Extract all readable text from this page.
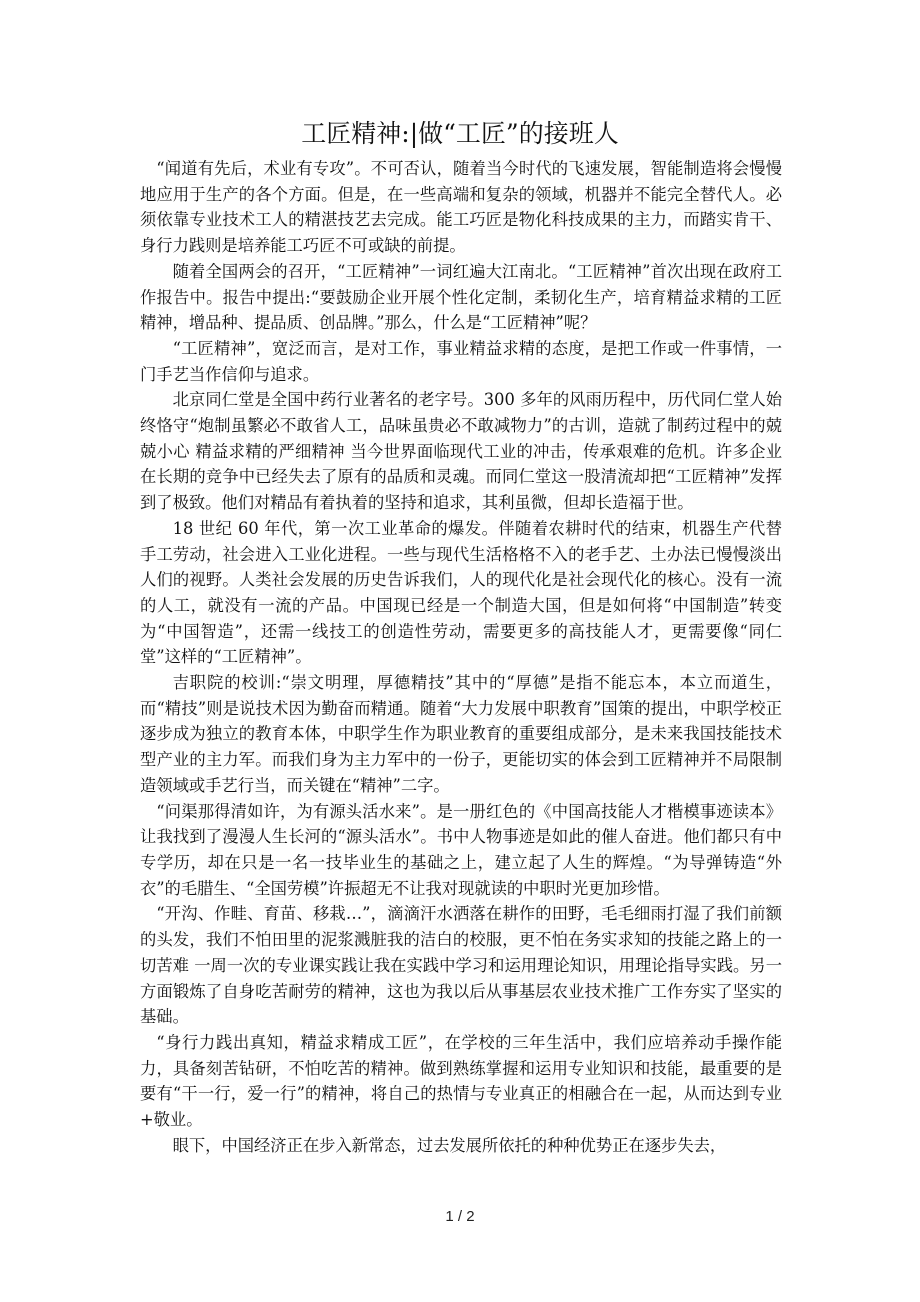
工匠精神:|做“工匠”的接班人

“闻道有先后，术业有专攻”。不可否认，随着当今时代的飞速发展，智能制造将会慢慢地应用于生产的各个方面。但是，在一些高端和复杂的领域，机器并不能完全替代人。必须依靠专业技术工人的精湛技艺去完成。能工巧匠是物化科技成果的主力，而踏实肯干、身行力践则是培养能工巧匠不可或缺的前提。

随着全国两会的召开，“工匠精神”一词红遍大江南北。“工匠精神”首次出现在政府工作报告中。报告中提出:“要鼓励企业开展个性化定制，柔韧化生产，培育精益求精的工匠精神，增品种、提品质、创品牌。”那么，什么是“工匠精神”呢？

“工匠精神”，宽泛而言，是对工作，事业精益求精的态度，是把工作或一件事情，一门手艺当作信仰与追求。

北京同仁堂是全国中药行业著名的老字号。300 多年的风雨历程中，历代同仁堂人始终恪守“炮制虽繁必不敢省人工，品味虽贵必不敢减物力”的古训，造就了制药过程中的兢兢小心 精益求精的严细精神 当今世界面临现代工业的冲击，传承艰难的危机。许多企业在长期的竞争中已经失去了原有的品质和灵魂。而同仁堂这一股清流却把“工匠精神”发挥到了极致。他们对精品有着执着的坚持和追求，其利虽微，但却长造福于世。

18 世纪 60 年代，第一次工业革命的爆发。伴随着农耕时代的结束，机器生产代替手工劳动，社会进入工业化进程。一些与现代生活格格不入的老手艺、土办法已慢慢淡出人们的视野。人类社会发展的历史告诉我们，人的现代化是社会现代化的核心。没有一流的人工，就没有一流的产品。中国现已经是一个制造大国，但是如何将“中国制造”转变为“中国智造”，还需一线技工的创造性劳动，需要更多的高技能人才，更需要像“同仁堂”这样的“工匠精神”。

吉职院的校训:“崇文明理，厚德精技”其中的“厚德”是指不能忘本，本立而道生，而“精技”则是说技术因为勤奋而精通。随着“大力发展中职教育”国策的提出，中职学校正逐步成为独立的教育本体，中职学生作为职业教育的重要组成部分，是未来我国技能技术型产业的主力军。而我们身为主力军中的一份子，更能切实的体会到工匠精神并不局限制造领域或手艺行当，而关键在“精神”二字。

“问渠那得清如许，为有源头活水来”。是一册红色的《中国高技能人才楷模事迹读本》让我找到了漫漫人生长河的“源头活水”。书中人物事迹是如此的催人奋进。他们都只有中专学历，却在只是一名一技毕业生的基础之上，建立起了人生的辉煌。“为导弹铸造“外衣”的毛腊生、“全国劳模”许振超无不让我对现就读的中职时光更加珍惜。

“开沟、作畦、育苗、移栽…”，滴滴汗水洒落在耕作的田野，毛毛细雨打湿了我们前额的头发，我们不怕田里的泥浆溅脏我的洁白的校服，更不怕在务实求知的技能之路上的一切苦难 一周一次的专业课实践让我在实践中学习和运用理论知识，用理论指导实践。另一方面锻炼了自身吃苦耐劳的精神，这也为我以后从事基层农业技术推广工作夯实了坚实的基础。

“身行力践出真知，精益求精成工匠”，在学校的三年生活中，我们应培养动手操作能力，具备刻苦钻研，不怕吃苦的精神。做到熟练掌握和运用专业知识和技能，最重要的是要有“干一行，爱一行”的精神，将自己的热情与专业真正的相融合在一起，从而达到专业+敬业。

眼下，中国经济正在步入新常态，过去发展所依托的种种优势正在逐步失去，

1 / 2
